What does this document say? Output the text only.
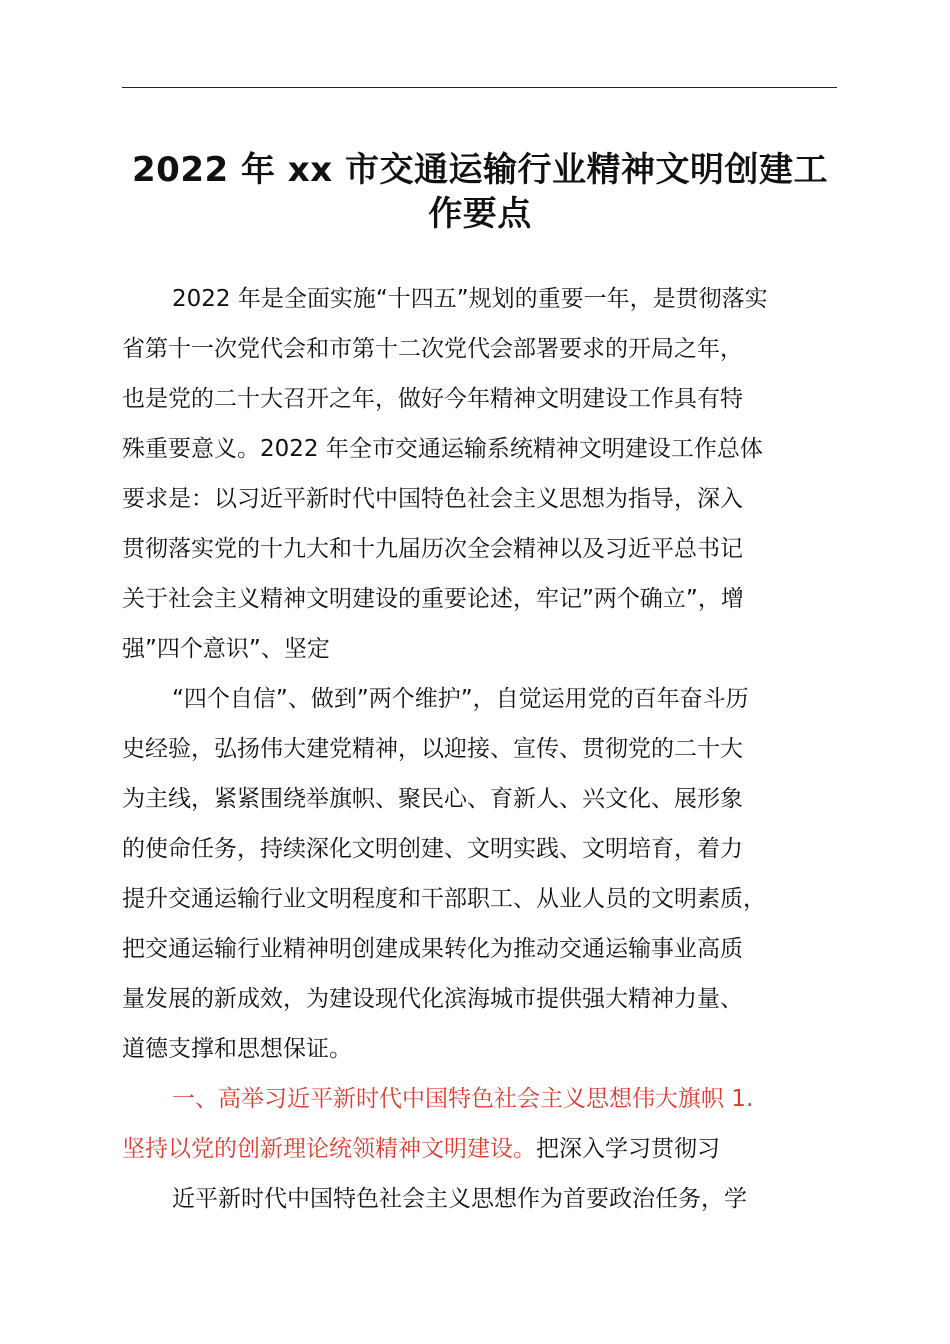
2022 年 xx 市交通运输行业精神文明创建工
作要点
2022 年是全面实施“十四五”规划的重要一年，是贯彻落实
省第十一次党代会和市第十二次党代会部署要求的开局之年，
也是党的二十大召开之年，做好今年精神文明建设工作具有特
殊重要意义。2022 年全市交通运输系统精神文明建设工作总体
要求是：以习近平新时代中国特色社会主义思想为指导，深入
贯彻落实党的十九大和十九届历次全会精神以及习近平总书记
关于社会主义精神文明建设的重要论述，牢记”两个确立”，增
强”四个意识”、坚定
“四个自信”、做到”两个维护”，自觉运用党的百年奋斗历
史经验，弘扬伟大建党精神，以迎接、宣传、贯彻党的二十大
为主线，紧紧围绕举旗帜、聚民心、育新人、兴文化、展形象
的使命任务，持续深化文明创建、文明实践、文明培育，着力
提升交通运输行业文明程度和干部职工、从业人员的文明素质，
把交通运输行业精神明创建成果转化为推动交通运输事业高质
量发展的新成效，为建设现代化滨海城市提供强大精神力量、
道德支撑和思想保证。
一、高举习近平新时代中国特色社会主义思想伟大旗帜 1.
坚持以党的创新理论统领精神文明建设。把深入学习贯彻习
近平新时代中国特色社会主义思想作为首要政治任务，学
